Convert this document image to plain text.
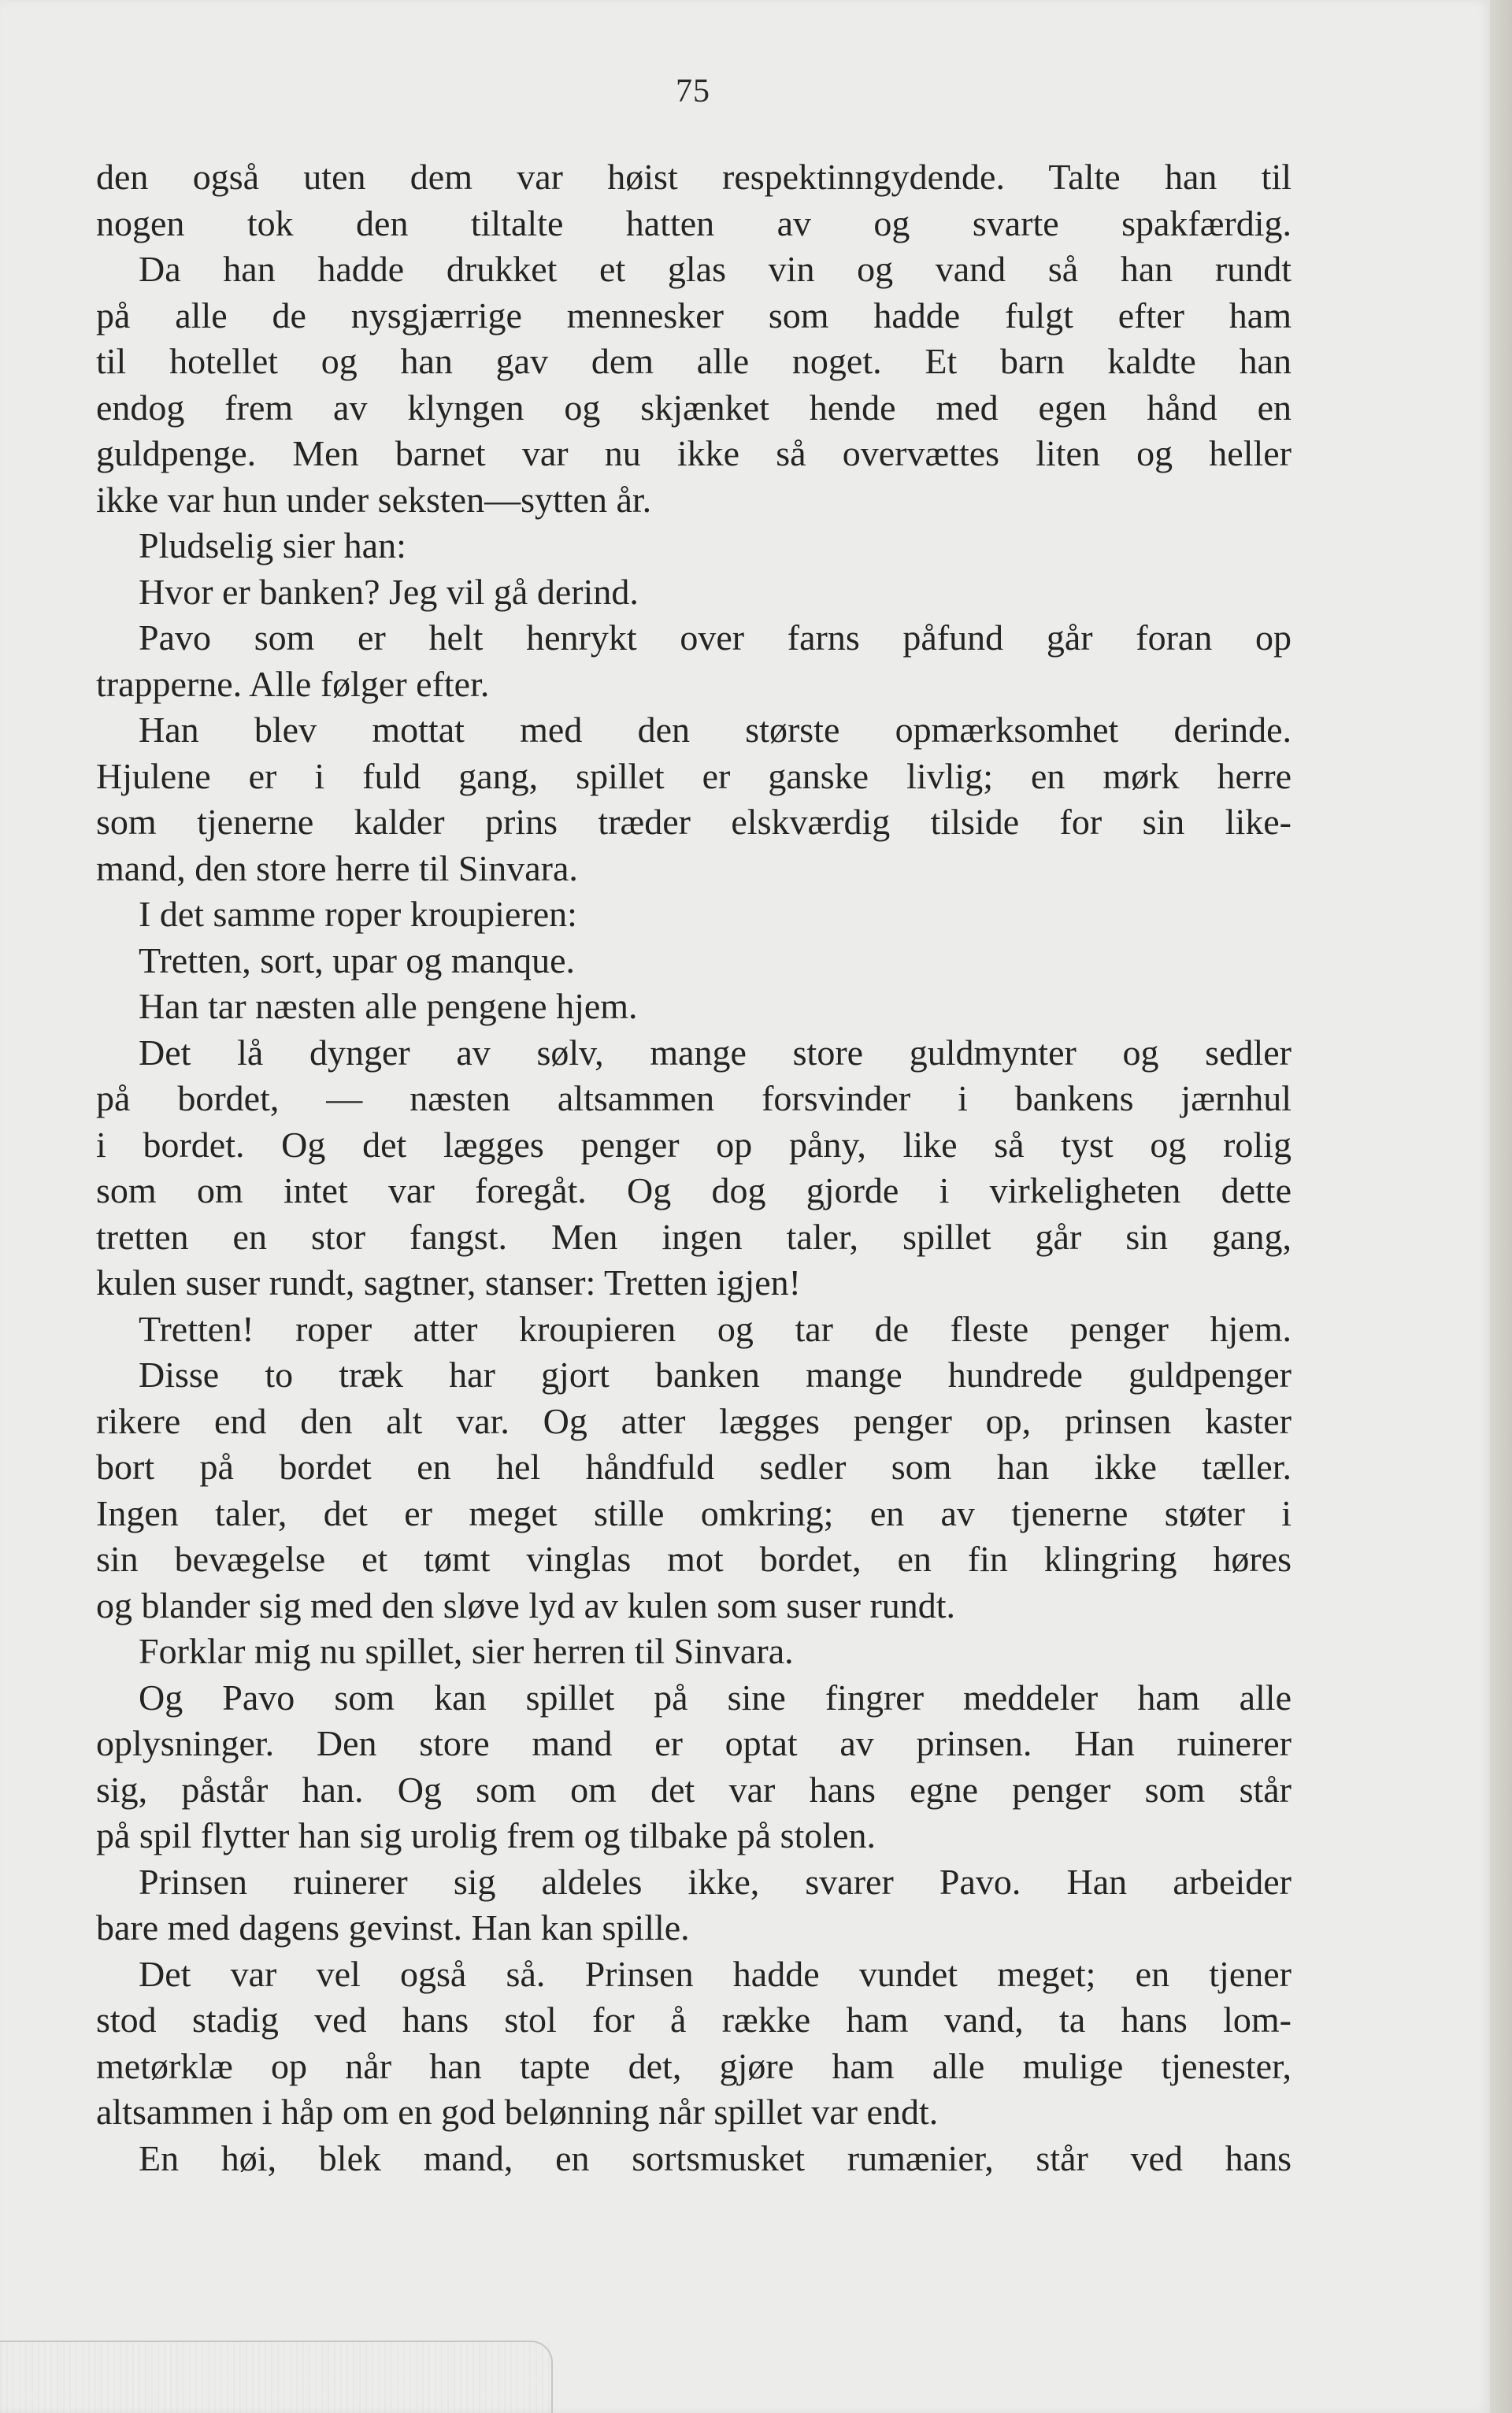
75
den også uten dem var høist respektinngydende. Talte han til
nogen tok den tiltalte hatten av og svarte spakfærdig.
Da han hadde drukket et glas vin og vand så han rundt
på alle de nysgjærrige mennesker som hadde fulgt efter ham
til hotellet og han gav dem alle noget. Et barn kaldte han
endog frem av klyngen og skjænket hende med egen hånd en
guldpenge. Men barnet var nu ikke så overvættes liten og heller
ikke var hun under seksten—sytten år.
Pludselig sier han:
Hvor er banken? Jeg vil gå derind.
Pavo som er helt henrykt over farns påfund går foran op
trapperne. Alle følger efter.
Han blev mottat med den største opmærksomhet derinde.
Hjulene er i fuld gang, spillet er ganske livlig; en mørk herre
som tjenerne kalder prins træder elskværdig tilside for sin like-
mand, den store herre til Sinvara.
I det samme roper kroupieren:
Tretten, sort, upar og manque.
Han tar næsten alle pengene hjem.
Det lå dynger av sølv, mange store guldmynter og sedler
på bordet, — næsten altsammen forsvinder i bankens jærnhul
i bordet. Og det lægges penger op påny, like så tyst og rolig
som om intet var foregåt. Og dog gjorde i virkeligheten dette
tretten en stor fangst. Men ingen taler, spillet går sin gang,
kulen suser rundt, sagtner, stanser: Tretten igjen!
Tretten! roper atter kroupieren og tar de fleste penger hjem.
Disse to træk har gjort banken mange hundrede guldpenger
rikere end den alt var. Og atter lægges penger op, prinsen kaster
bort på bordet en hel håndfuld sedler som han ikke tæller.
Ingen taler, det er meget stille omkring; en av tjenerne støter i
sin bevægelse et tømt vinglas mot bordet, en fin klingring høres
og blander sig med den sløve lyd av kulen som suser rundt.
Forklar mig nu spillet, sier herren til Sinvara.
Og Pavo som kan spillet på sine fingrer meddeler ham alle
oplysninger. Den store mand er optat av prinsen. Han ruinerer
sig, påstår han. Og som om det var hans egne penger som står
på spil flytter han sig urolig frem og tilbake på stolen.
Prinsen ruinerer sig aldeles ikke, svarer Pavo. Han arbeider
bare med dagens gevinst. Han kan spille.
Det var vel også så. Prinsen hadde vundet meget; en tjener
stod stadig ved hans stol for å række ham vand, ta hans lom-
metørklæ op når han tapte det, gjøre ham alle mulige tjenester,
altsammen i håp om en god belønning når spillet var endt.
En høi, blek mand, en sortsmusket rumænier, står ved hans
